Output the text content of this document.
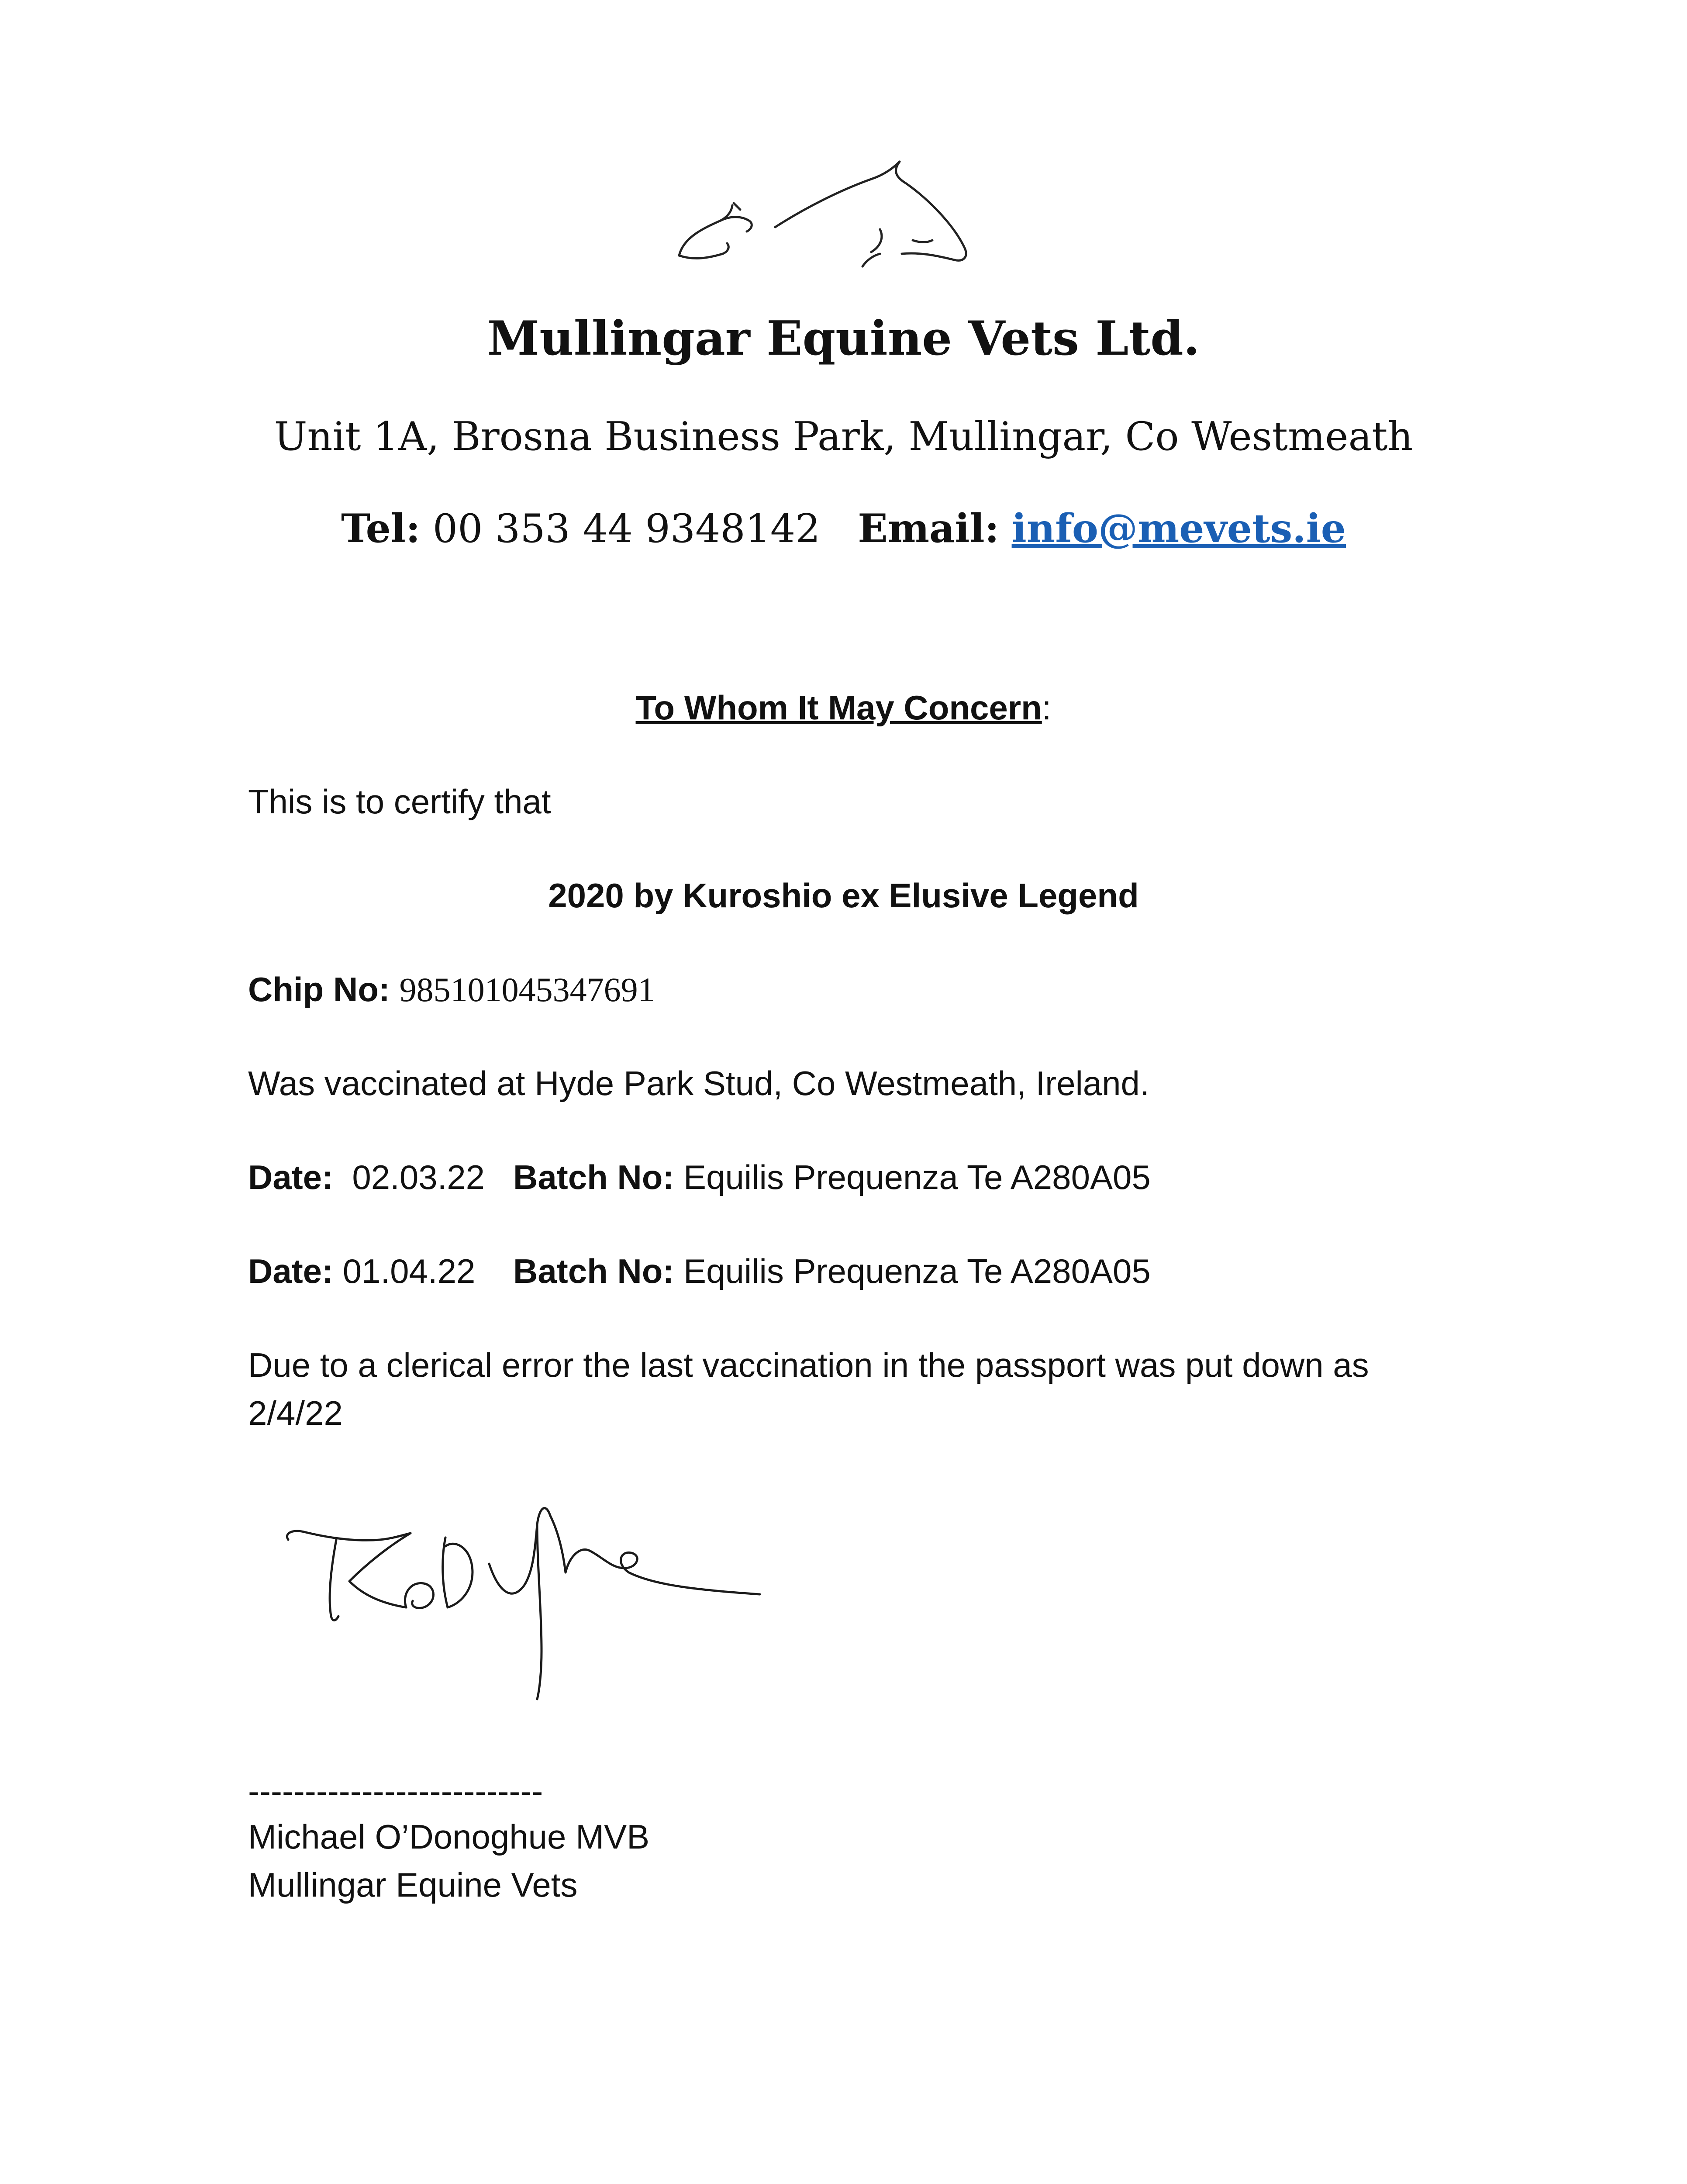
Mullingar Equine Vets Ltd.
Unit 1A, Brosna Business Park, Mullingar, Co Westmeath
Tel: 00 353 44 9348142 Email: info@mevets.ie
To Whom It May Concern:
This is to certify that
2020 by Kuroshio ex Elusive Legend
Chip No: 985101045347691
Was vaccinated at Hyde Park Stud, Co Westmeath, Ireland.
Date: 02.03.22 Batch No: Equilis Prequenza Te A280A05
Date: 01.04.22 Batch No: Equilis Prequenza Te A280A05
Due to a clerical error the last vaccination in the passport was put down as
2/4/22
--------------------------
Michael O’Donoghue MVB
Mullingar Equine Vets
